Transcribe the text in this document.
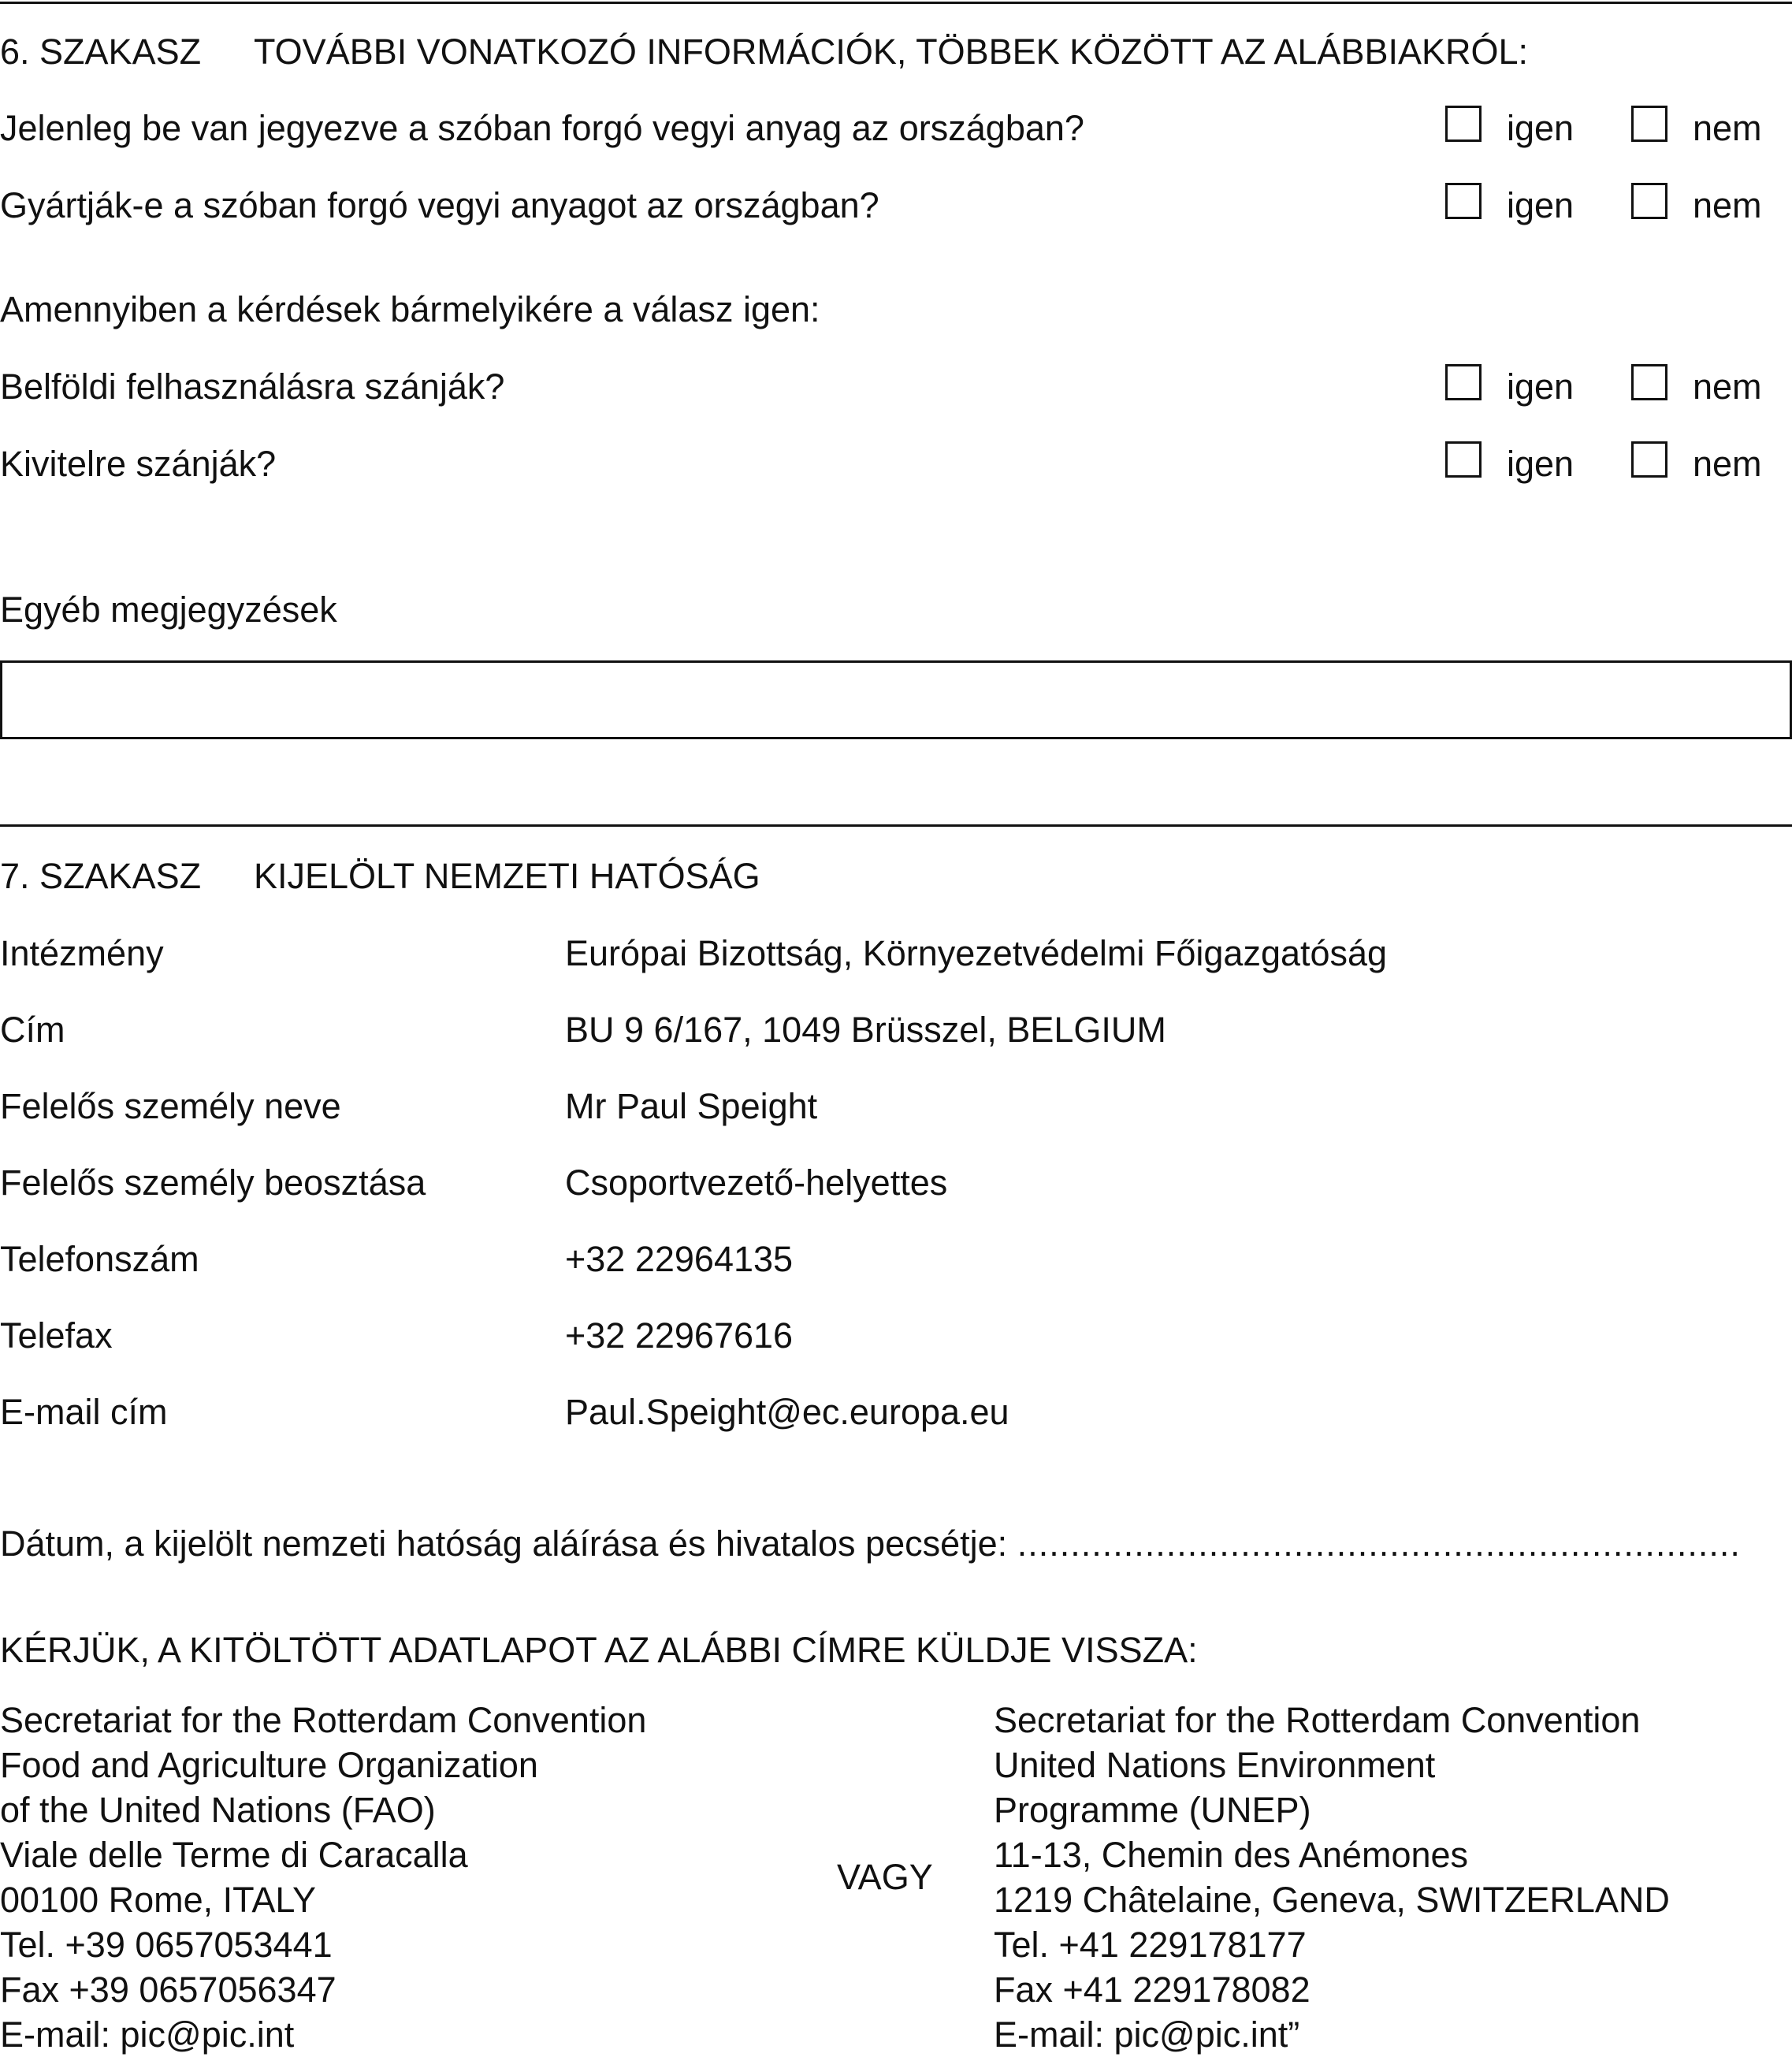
6. SZAKASZ TOVÁBBI VONATKOZÓ INFORMÁCIÓK, TÖBBEK KÖZÖTT AZ ALÁBBIAKRÓL:
Jelenleg be van jegyezve a szóban forgó vegyi anyag az országban?	igen	nem
Gyártják-e a szóban forgó vegyi anyagot az országban?	igen	nem
Amennyiben a kérdések bármelyikére a válasz igen:
Belföldi felhasználásra szánják?	igen	nem
Kivitelre szánják?	igen	nem
Egyéb megjegyzések
7. SZAKASZ KIJELÖLT NEMZETI HATÓSÁG
Intézmény	Európai Bizottság, Környezetvédelmi Főigazgatóság
Cím	BU 9 6/167, 1049 Brüsszel, BELGIUM
Felelős személy neve	Mr Paul Speight
Felelős személy beosztása	Csoportvezető-helyettes
Telefonszám	+32 22964135
Telefax	+32 22967616
E-mail cím	Paul.Speight@ec.europa.eu
Dátum, a kijelölt nemzeti hatóság aláírása és hivatalos pecsétje: ....................................................................
KÉRJÜK, A KITÖLTÖTT ADATLAPOT AZ ALÁBBI CÍMRE KÜLDJE VISSZA:
Secretariat for the Rotterdam Convention
Food and Agriculture Organization
of the United Nations (FAO)
Viale delle Terme di Caracalla
00100 Rome, ITALY
Tel. +39 0657053441
Fax +39 0657056347
E-mail: pic@pic.int
VAGY
Secretariat for the Rotterdam Convention
United Nations Environment
Programme (UNEP)
11-13, Chemin des Anémones
1219 Châtelaine, Geneva, SWITZERLAND
Tel. +41 229178177
Fax +41 229178082
E-mail: pic@pic.int”
